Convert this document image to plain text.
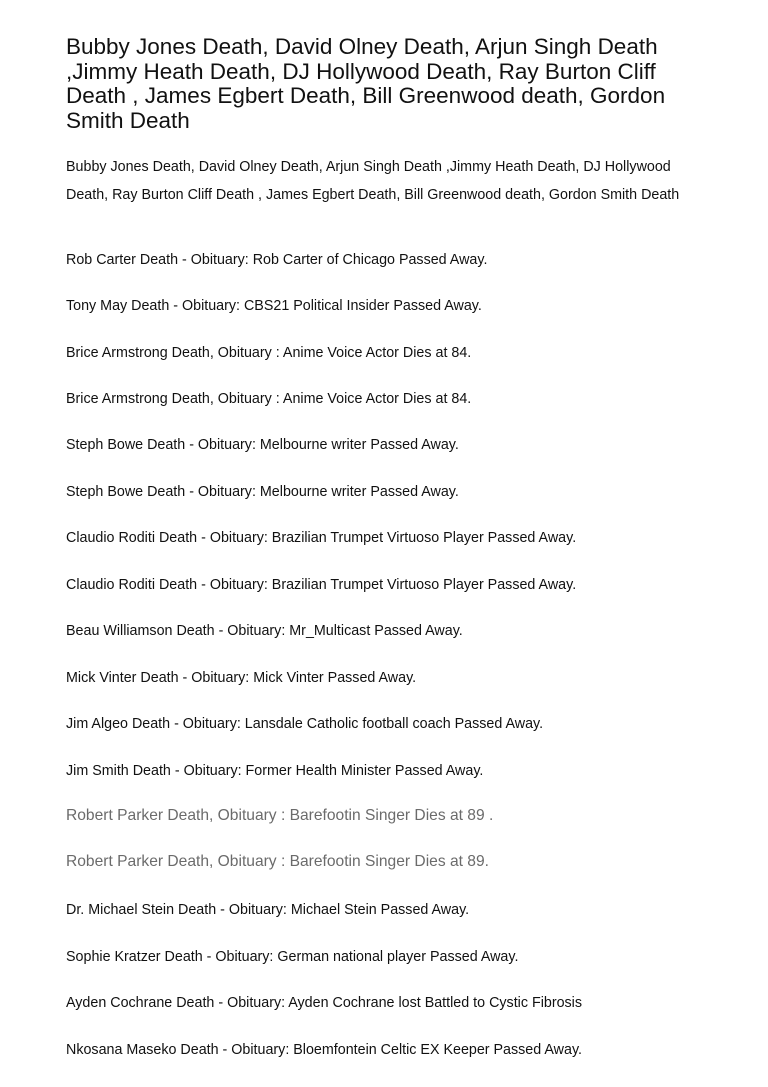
Bubby Jones Death, David Olney Death, Arjun Singh Death ,Jimmy Heath Death, DJ Hollywood Death, Ray Burton Cliff Death , James Egbert Death, Bill Greenwood death, Gordon Smith Death

Bubby Jones Death, David Olney Death, Arjun Singh Death ,Jimmy Heath Death, DJ Hollywood Death, Ray Burton Cliff Death , James Egbert Death, Bill Greenwood death, Gordon Smith Death

Rob Carter Death - Obituary: Rob Carter of Chicago Passed Away.
Tony May Death - Obituary: CBS21 Political Insider Passed Away.
Brice Armstrong Death, Obituary : Anime Voice Actor Dies at 84.
Brice Armstrong Death, Obituary : Anime Voice Actor Dies at 84.
Steph Bowe Death - Obituary: Melbourne writer Passed Away.
Steph Bowe Death - Obituary: Melbourne writer Passed Away.
Claudio Roditi Death - Obituary: Brazilian Trumpet Virtuoso Player Passed Away.
Claudio Roditi Death - Obituary: Brazilian Trumpet Virtuoso Player Passed Away.
Beau Williamson Death - Obituary: Mr_Multicast Passed Away.
Mick Vinter Death - Obituary: Mick Vinter Passed Away.
Jim Algeo Death - Obituary: Lansdale Catholic football coach Passed Away.
Jim Smith Death - Obituary: Former Health Minister Passed Away.
Robert Parker Death, Obituary : Barefootin Singer Dies at 89 .
Robert Parker Death, Obituary : Barefootin Singer Dies at 89.
Dr. Michael Stein Death - Obituary: Michael Stein Passed Away.
Sophie Kratzer Death - Obituary: German national player Passed Away.
Ayden Cochrane Death - Obituary: Ayden Cochrane lost Battled to Cystic Fibrosis
Nkosana Maseko Death - Obituary: Bloemfontein Celtic EX Keeper Passed Away.
